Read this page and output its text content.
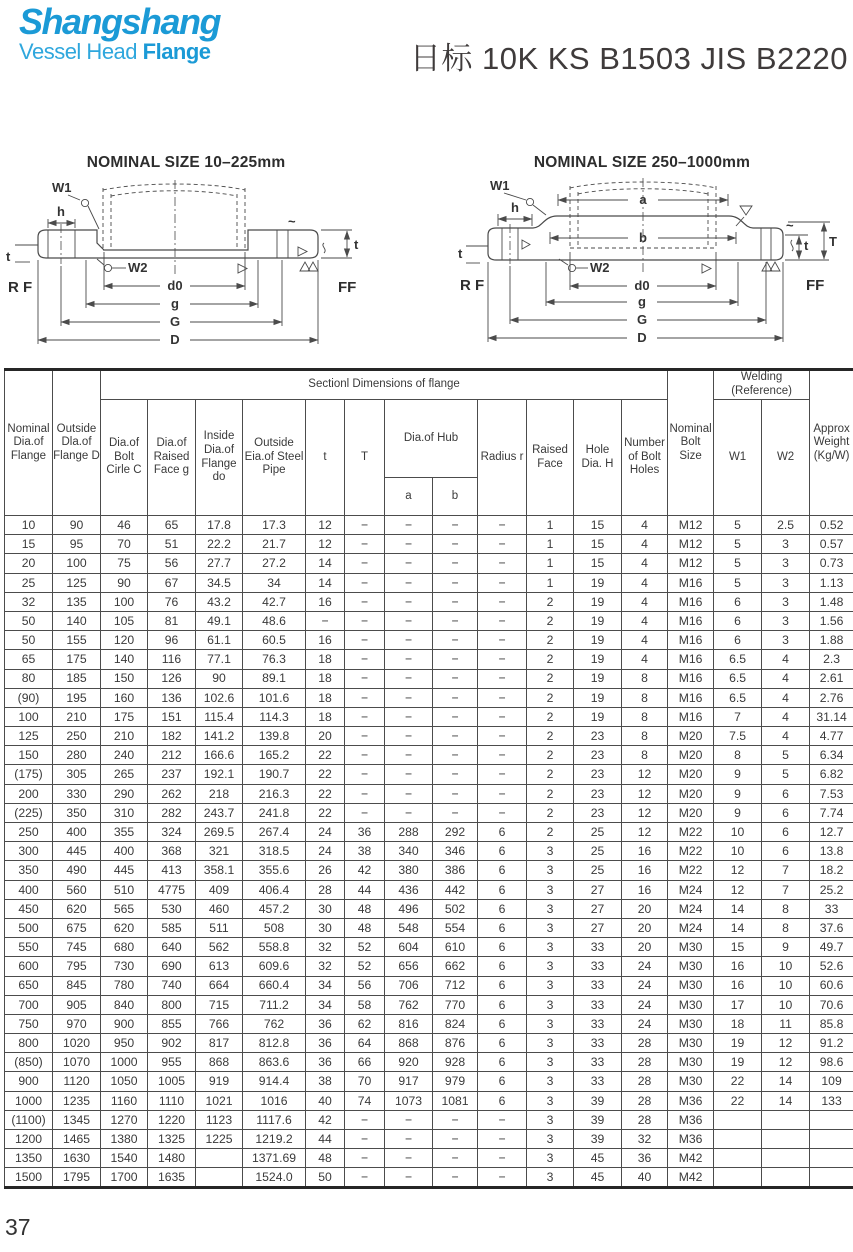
Shangshang
Vessel Head Flange	日标 10K KS B1503 JIS B2220
NOMINAL SIZE 10–225mm
W1
h
t
R F	FF
W2
t
~
d0
g
G
D
NOMINAL SIZE 250–1000mm
a
b
W1
h
t
R F	FF
W2
t
~
T
d0
g
G
D
Nominal Dia.of Flange	Outside Dla.of Flange D	Sectionl Dimensions of flange												Nominal Bolt Size	Welding (Reference)		Approx Weight (Kg/W)
		Dia.of Bolt Cirle C	Dia.of Raised Face g	Inside Dia.of Flange do	Outside Eia.of Steel Pipe	t	T	Dia.of Hub		Radius r	Raised Face	Hole Dia. H	Number of Bolt Holes		W1	W2	
								a	b								
10	90	46	65	17.8	17.3	12	−	−	−	−	1	15	4	M12	5	2.5	0.52
15	95	70	51	22.2	21.7	12	−	−	−	−	1	15	4	M12	5	3	0.57
20	100	75	56	27.7	27.2	14	−	−	−	−	1	15	4	M12	5	3	0.73
25	125	90	67	34.5	34	14	−	−	−	−	1	19	4	M16	5	3	1.13
32	135	100	76	43.2	42.7	16	−	−	−	−	2	19	4	M16	6	3	1.48
50	140	105	81	49.1	48.6	−	−	−	−	−	2	19	4	M16	6	3	1.56
50	155	120	96	61.1	60.5	16	−	−	−	−	2	19	4	M16	6	3	1.88
65	175	140	116	77.1	76.3	18	−	−	−	−	2	19	4	M16	6.5	4	2.3
80	185	150	126	90	89.1	18	−	−	−	−	2	19	8	M16	6.5	4	2.61
(90)	195	160	136	102.6	101.6	18	−	−	−	−	2	19	8	M16	6.5	4	2.76
100	210	175	151	115.4	114.3	18	−	−	−	−	2	19	8	M16	7	4	31.14
125	250	210	182	141.2	139.8	20	−	−	−	−	2	23	8	M20	7.5	4	4.77
150	280	240	212	166.6	165.2	22	−	−	−	−	2	23	8	M20	8	5	6.34
(175)	305	265	237	192.1	190.7	22	−	−	−	−	2	23	12	M20	9	5	6.82
200	330	290	262	218	216.3	22	−	−	−	−	2	23	12	M20	9	6	7.53
(225)	350	310	282	243.7	241.8	22	−	−	−	−	2	23	12	M20	9	6	7.74
250	400	355	324	269.5	267.4	24	36	288	292	6	2	25	12	M22	10	6	12.7
300	445	400	368	321	318.5	24	38	340	346	6	3	25	16	M22	10	6	13.8
350	490	445	413	358.1	355.6	26	42	380	386	6	3	25	16	M22	12	7	18.2
400	560	510	4775	409	406.4	28	44	436	442	6	3	27	16	M24	12	7	25.2
450	620	565	530	460	457.2	30	48	496	502	6	3	27	20	M24	14	8	33
500	675	620	585	511	508	30	48	548	554	6	3	27	20	M24	14	8	37.6
550	745	680	640	562	558.8	32	52	604	610	6	3	33	20	M30	15	9	49.7
600	795	730	690	613	609.6	32	52	656	662	6	3	33	24	M30	16	10	52.6
650	845	780	740	664	660.4	34	56	706	712	6	3	33	24	M30	16	10	60.6
700	905	840	800	715	711.2	34	58	762	770	6	3	33	24	M30	17	10	70.6
750	970	900	855	766	762	36	62	816	824	6	3	33	24	M30	18	11	85.8
800	1020	950	902	817	812.8	36	64	868	876	6	3	33	28	M30	19	12	91.2
(850)	1070	1000	955	868	863.6	36	66	920	928	6	3	33	28	M30	19	12	98.6
900	1120	1050	1005	919	914.4	38	70	917	979	6	3	33	28	M30	22	14	109
1000	1235	1160	1110	1021	1016	40	74	1073	1081	6	3	39	28	M36	22	14	133
(1100)	1345	1270	1220	1123	1117.6	42	−	−	−	−	3	39	28	M36			
1200	1465	1380	1325	1225	1219.2	44	−	−	−	−	3	39	32	M36			
1350	1630	1540	1480		1371.69	48	−	−	−	−	3	45	36	M42			
1500	1795	1700	1635		1524.0	50	−	−	−	−	3	45	40	M42			
37
